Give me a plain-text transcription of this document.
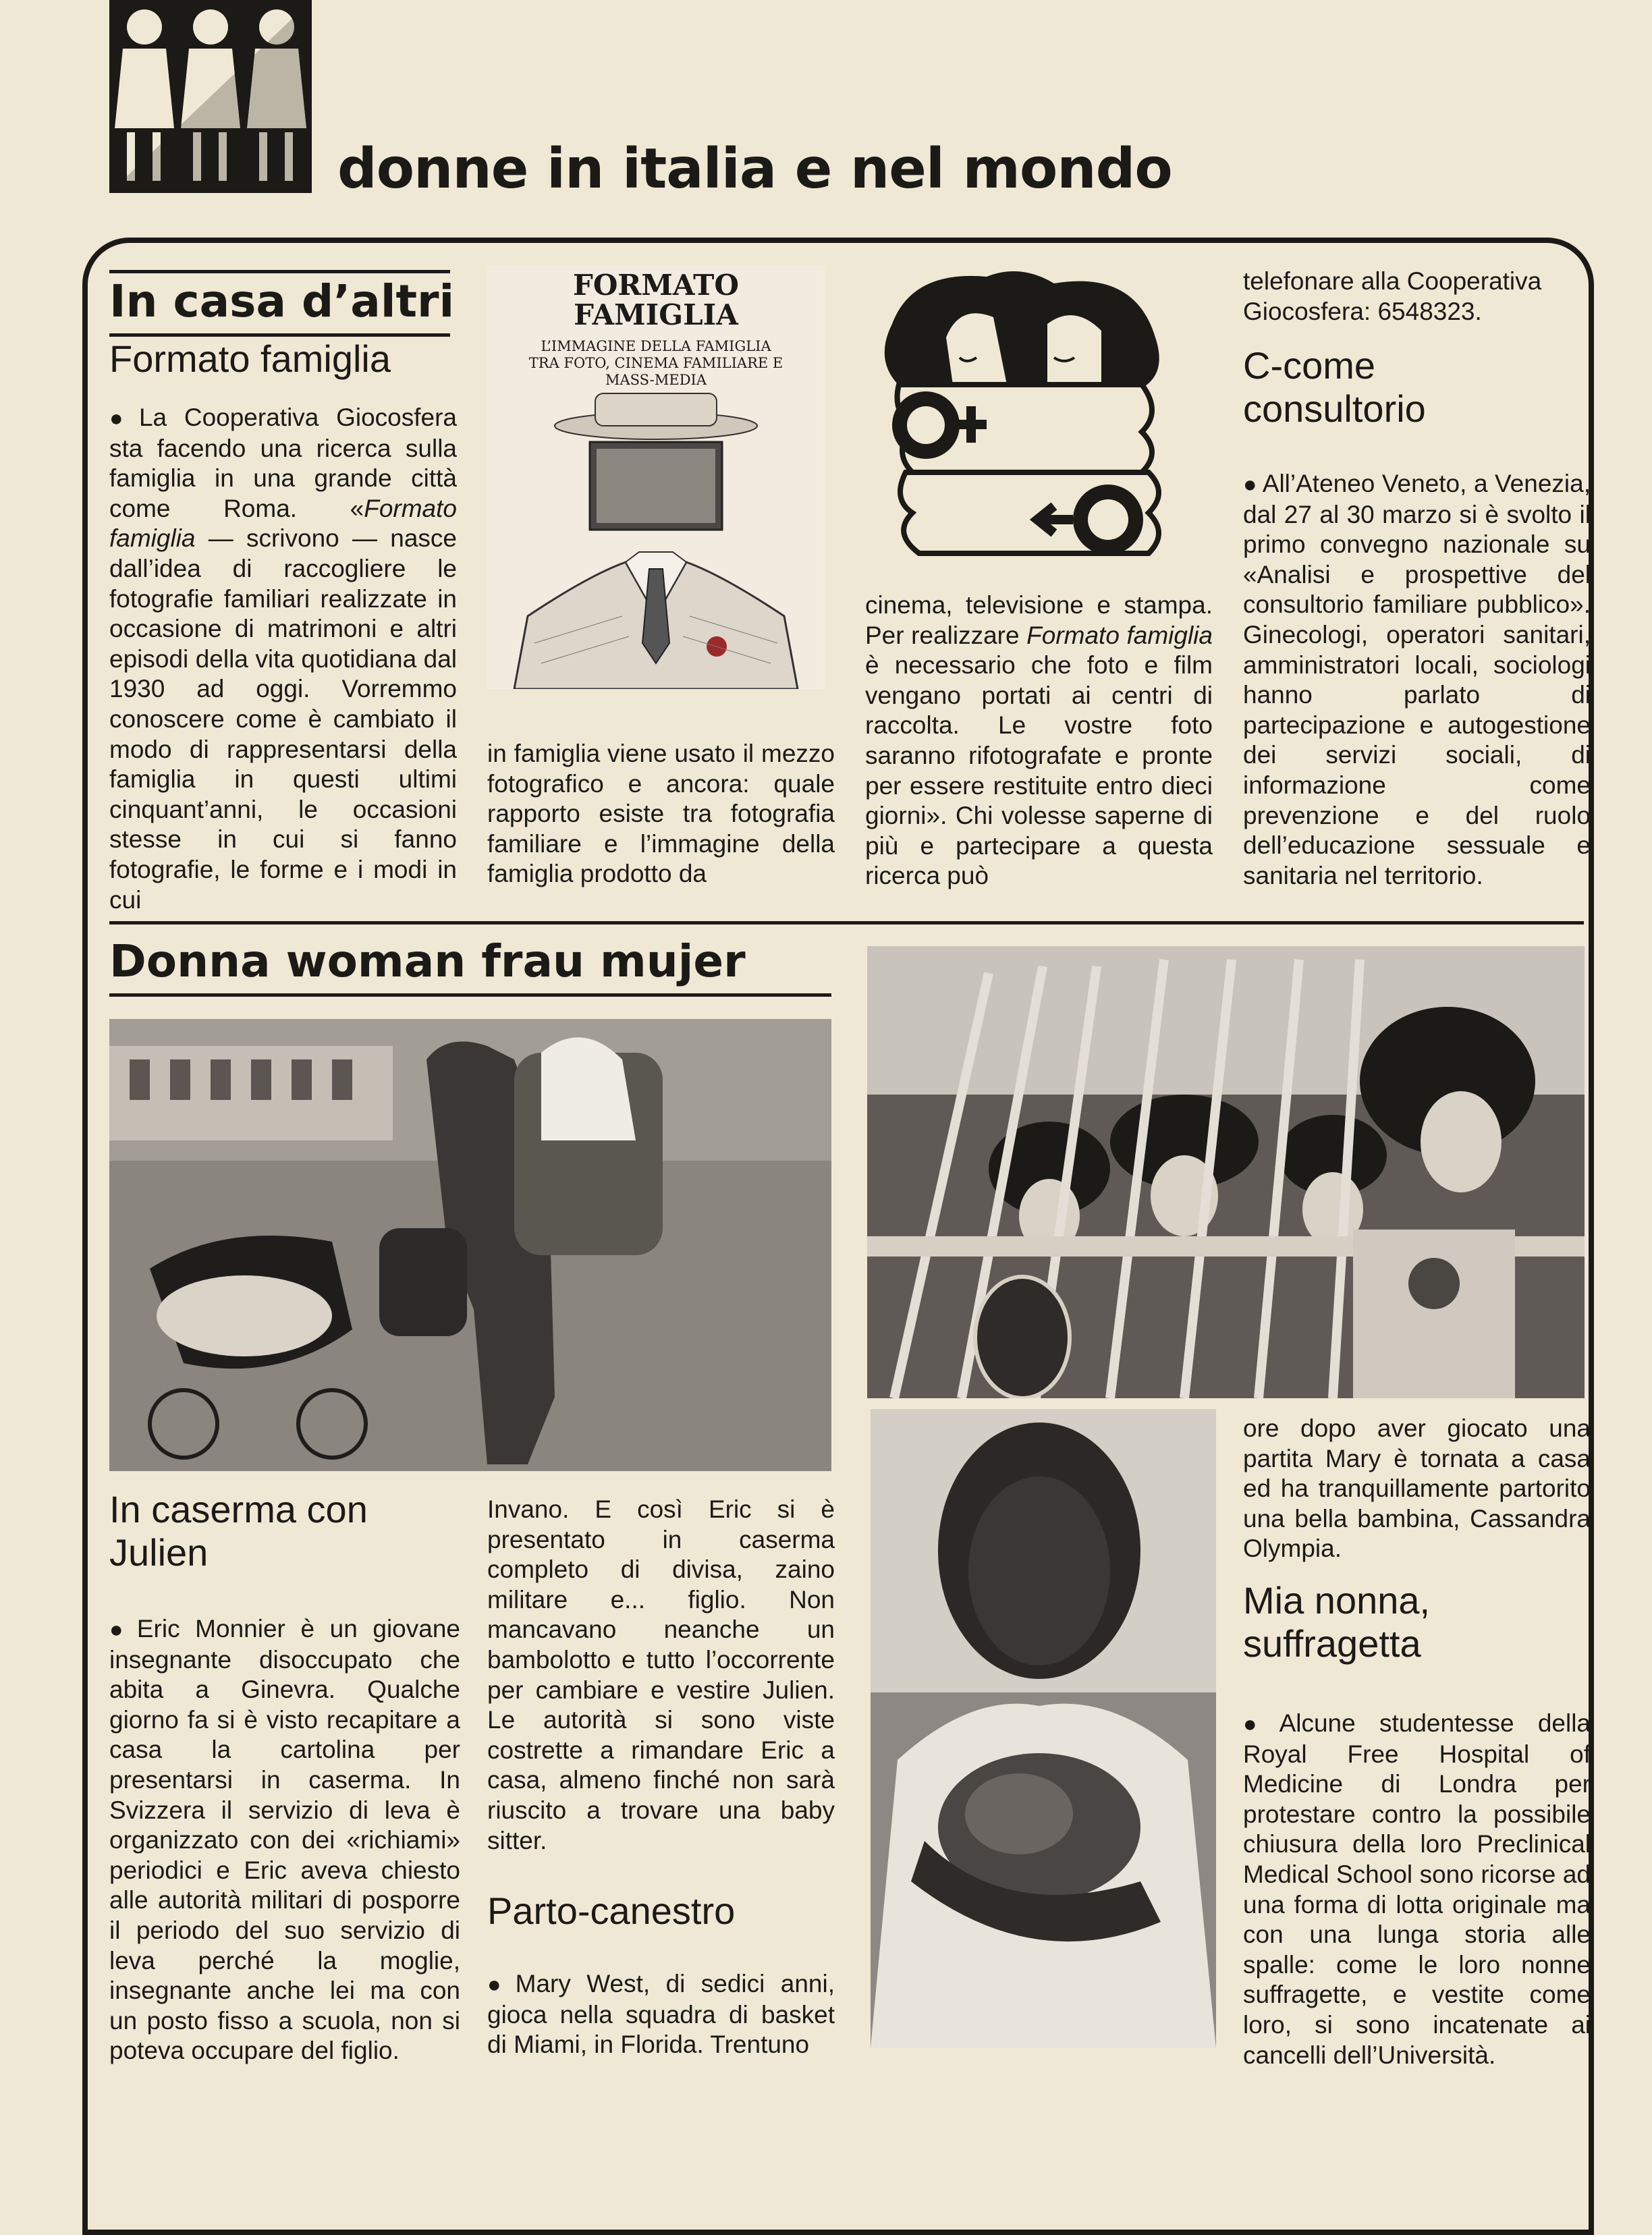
donne in italia e nel mondo
In casa d’altri
Formato famiglia
● La Cooperativa Giocosfera sta facendo una ricerca sulla famiglia in una grande città come Roma. «Formato famiglia — scrivono — nasce dall’idea di raccogliere le fotografie familiari realizzate in occasione di matrimoni e altri episodi della vita quotidiana dal 1930 ad oggi. Vorremmo conoscere come è cambiato il modo di rappresentarsi della famiglia in questi ultimi cinquant’anni, le occasioni stesse in cui si fanno fotografie, le forme e i modi in cui
FORMATO
FAMIGLIA
L’IMMAGINE DELLA FAMIGLIA
TRA FOTO, CINEMA FAMILIARE E
MASS-MEDIA
in famiglia viene usato il mezzo fotografico e ancora: quale rapporto esiste tra fotografia familiare e l’immagine della famiglia prodotto da
cinema, televisione e stampa. Per realizzare Formato famiglia è necessario che foto e film vengano portati ai centri di raccolta. Le vostre foto saranno rifotografate e pronte per essere restituite entro dieci giorni». Chi volesse saperne di più e partecipare a questa ricerca può
telefonare alla Cooperativa Giocosfera: 6548323.
C-come
consultorio
● All’Ateneo Veneto, a Venezia, dal 27 al 30 marzo si è svolto il primo convegno nazionale su «Analisi e prospettive del consultorio familiare pubblico». Ginecologi, operatori sanitari, amministratori locali, sociologi hanno parlato di partecipazione e autogestione dei servizi sociali, di informazione come prevenzione e del ruolo dell’educazione sessuale e sanitaria nel territorio.
Donna woman frau mujer
In caserma con
Julien
● Eric Monnier è un giovane insegnante disoccupato che abita a Ginevra. Qualche giorno fa si è visto recapitare a casa la cartolina per presentarsi in caserma. In Svizzera il servizio di leva è organizzato con dei «richiami» periodici e Eric aveva chiesto alle autorità militari di posporre il periodo del suo servizio di leva perché la moglie, insegnante anche lei ma con un posto fisso a scuola, non si poteva occupare del figlio.
Invano. E così Eric si è presentato in caserma completo di divisa, zaino militare e... figlio. Non mancavano neanche un bambolotto e tutto l’occorrente per cambiare e vestire Julien. Le autorità si sono viste costrette a rimandare Eric a casa, almeno finché non sarà riuscito a trovare una baby sitter.
Parto-canestro
● Mary West, di sedici anni, gioca nella squadra di basket di Miami, in Florida. Trentuno
ore dopo aver giocato una partita Mary è tornata a casa ed ha tranquillamente partorito una bella bambina, Cassandra Olympia.
Mia nonna,
suffragetta
● Alcune studentesse della Royal Free Hospital of Medicine di Londra per protestare contro la possibile chiusura della loro Preclinical Medical School sono ricorse ad una forma di lotta originale ma con una lunga storia alle spalle: come le loro nonne suffragette, e vestite come loro, si sono incatenate ai cancelli dell’Università.
